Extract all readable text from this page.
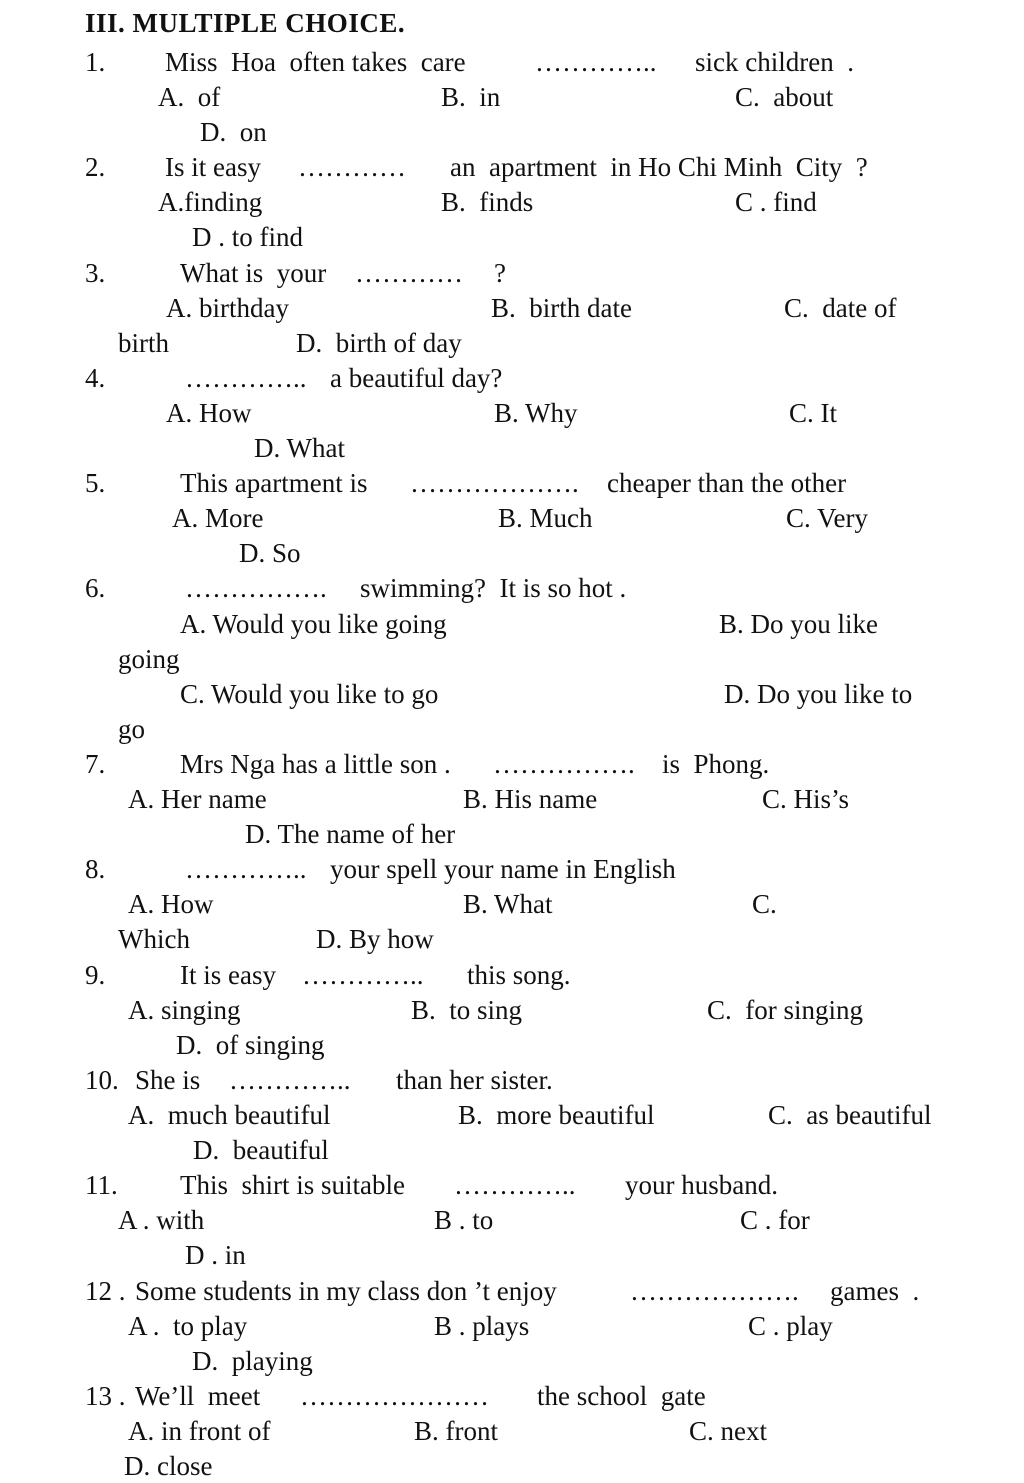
III. MULTIPLE CHOICE.
1. Miss  Hoa  often takes  care	………….. sick children  .
A.  of	B.  in	C.  about
D.  on
2. Is it easy ………… an  apartment  in Ho Chi Minh  City  ?
A.finding	B.  finds	C . find
D . to find
3.	What is  your ………… ?
A. birthday	B.  birth date	C.  date of
birth	D.  birth of day
4.	………….. a beautiful day?
A. How	B. Why	C. It
D. What
5.	This apartment is ………………. cheaper than the other
A. More	B. Much	C. Very
D. So
6.	……………. swimming?  It is so hot .
A. Would you like going	B. Do you like
going
C. Would you like to go	D. Do you like to
go
7.	Mrs Nga has a little son . ……………. is  Phong.
A. Her name	B. His name	C. His’s
D. The name of her
8.	………….. your spell your name in English
A. How	B. What	C.
Which	D. By how
9.	It is easy ………….. this song.
A. singing	B.  to sing	C.  for singing
D.  of singing
10. She is ………….. than her sister.
A.  much beautiful	B.  more beautiful	C.  as beautiful
D.  beautiful
11. This  shirt is suitable ………….. your husband.
A . with	B . to	C . for
D . in
12 . Some students in my class don ’t enjoy	………………. games  .
A .  to play	B . plays	C . play
D.  playing
13 . We’ll  meet ………………… the school  gate
A. in front of	B. front	C. next
D. close
